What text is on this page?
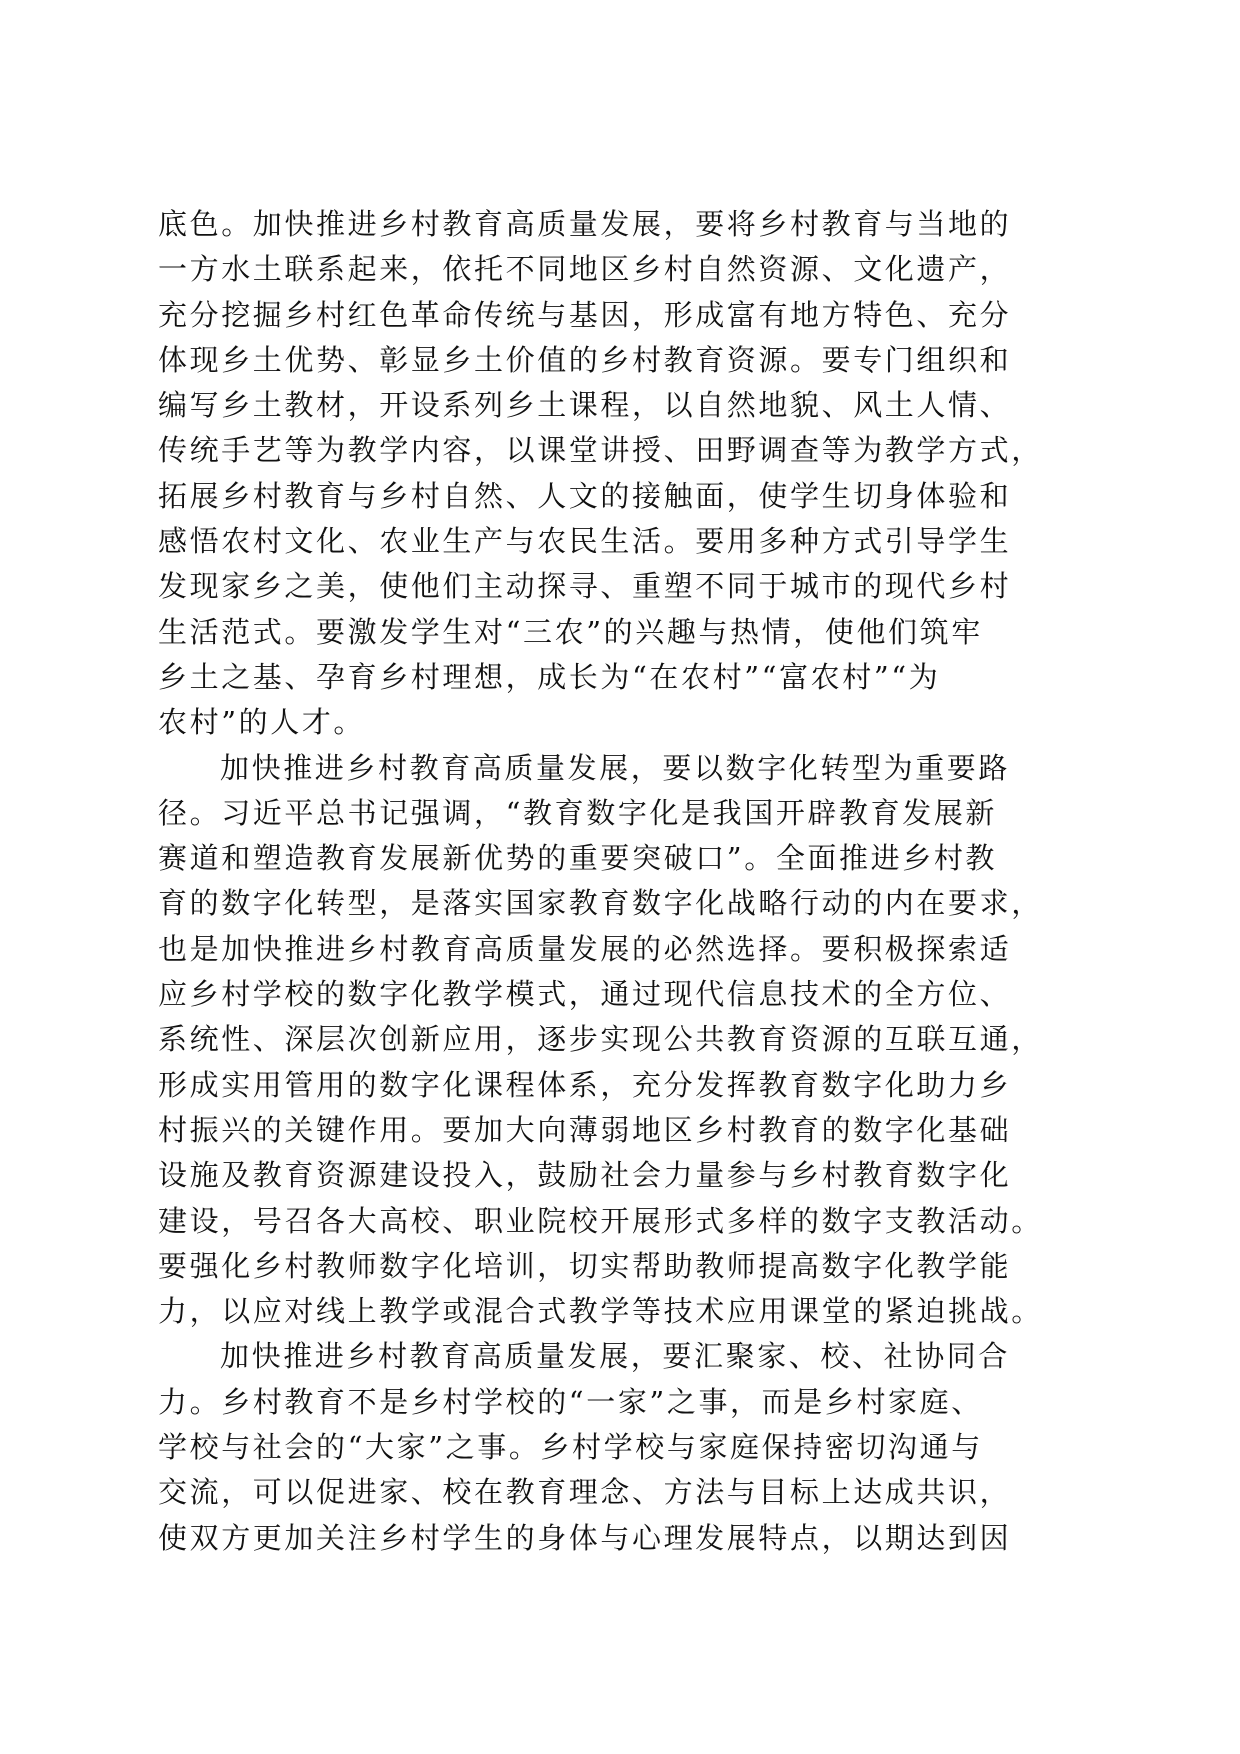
底色。加快推进乡村教育高质量发展，要将乡村教育与当地的
一方水土联系起来，依托不同地区乡村自然资源、文化遗产，
充分挖掘乡村红色革命传统与基因，形成富有地方特色、充分
体现乡土优势、彰显乡土价值的乡村教育资源。要专门组织和
编写乡土教材，开设系列乡土课程，以自然地貌、风土人情、
传统手艺等为教学内容，以课堂讲授、田野调查等为教学方式，
拓展乡村教育与乡村自然、人文的接触面，使学生切身体验和
感悟农村文化、农业生产与农民生活。要用多种方式引导学生
发现家乡之美，使他们主动探寻、重塑不同于城市的现代乡村
生活范式。要激发学生对“三农”的兴趣与热情，使他们筑牢
乡土之基、孕育乡村理想，成长为“在农村”“富农村”“为
农村”的人才。
加快推进乡村教育高质量发展，要以数字化转型为重要路
径。习近平总书记强调，“教育数字化是我国开辟教育发展新
赛道和塑造教育发展新优势的重要突破口”。全面推进乡村教
育的数字化转型，是落实国家教育数字化战略行动的内在要求，
也是加快推进乡村教育高质量发展的必然选择。要积极探索适
应乡村学校的数字化教学模式，通过现代信息技术的全方位、
系统性、深层次创新应用，逐步实现公共教育资源的互联互通，
形成实用管用的数字化课程体系，充分发挥教育数字化助力乡
村振兴的关键作用。要加大向薄弱地区乡村教育的数字化基础
设施及教育资源建设投入，鼓励社会力量参与乡村教育数字化
建设，号召各大高校、职业院校开展形式多样的数字支教活动。
要强化乡村教师数字化培训，切实帮助教师提高数字化教学能
力，以应对线上教学或混合式教学等技术应用课堂的紧迫挑战。
加快推进乡村教育高质量发展，要汇聚家、校、社协同合
力。乡村教育不是乡村学校的“一家”之事，而是乡村家庭、
学校与社会的“大家”之事。乡村学校与家庭保持密切沟通与
交流，可以促进家、校在教育理念、方法与目标上达成共识，
使双方更加关注乡村学生的身体与心理发展特点，以期达到因
